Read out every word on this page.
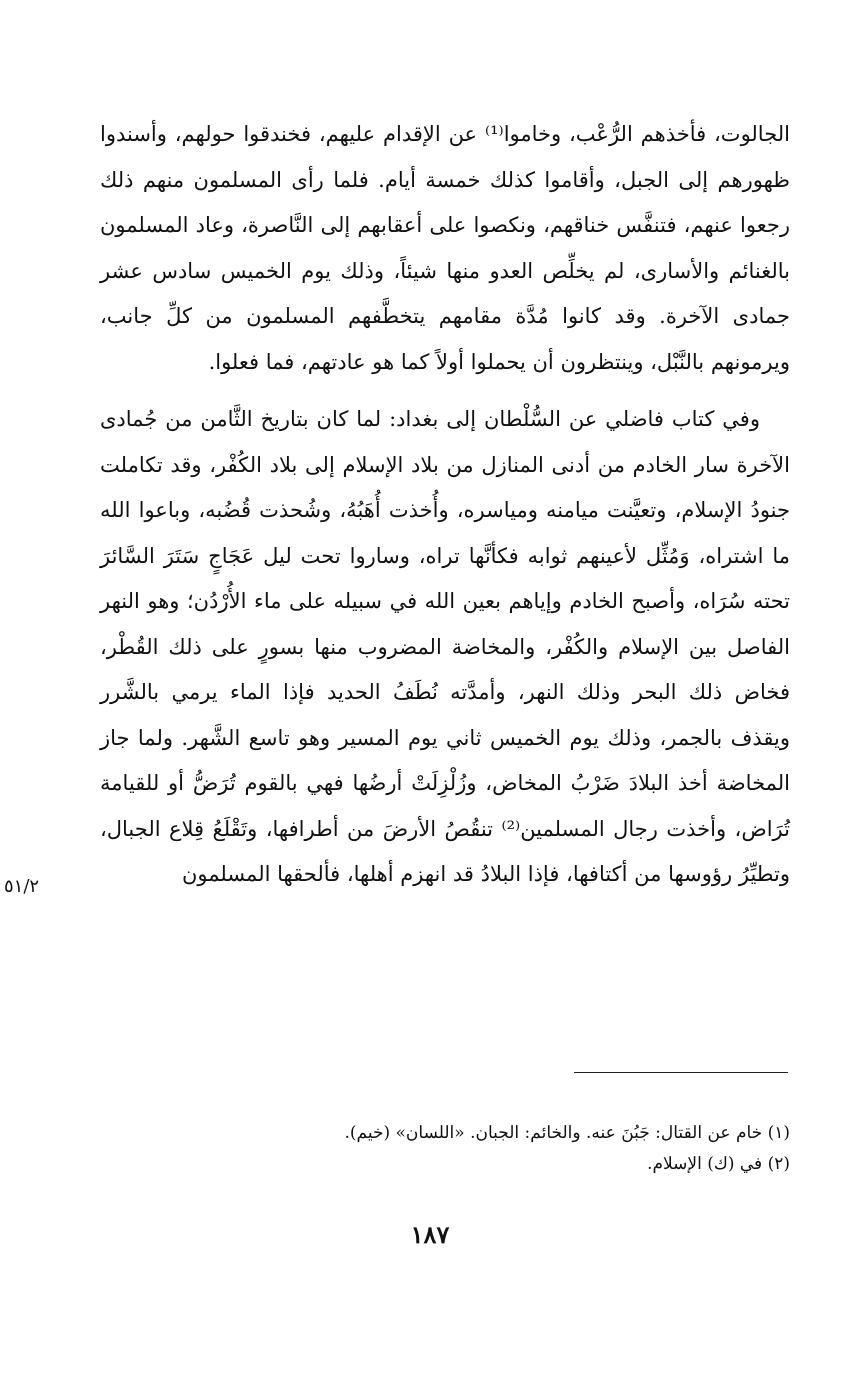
الجالوت، فأخذهم الرُّعْب، وخاموا⁽¹⁾ عن الإقدام عليهم، فخندقوا حولهم، وأسندوا ظهورهم إلى الجبل، وأقاموا كذلك خمسة أيام. فلما رأى المسلمون منهم ذلك رجعوا عنهم، فتنفَّس خناقهم، ونكصوا على أعقابهم إلى النَّاصرة، وعاد المسلمون بالغنائم والأسارى، لم يخلِّص العدو منها شيئاً، وذلك يوم الخميس سادس عشر جمادى الآخرة. وقد كانوا مُدَّة مقامهم يتخطَّفهم المسلمون من كلِّ جانب، ويرمونهم بالنَّبْل، وينتظرون أن يحملوا أولاً كما هو عادتهم، فما فعلوا.

وفي كتاب فاضلي عن السُّلْطان إلى بغداد: لما كان بتاريخ الثَّامن من جُمادى الآخرة سار الخادم من أدنى المنازل من بلاد الإسلام إلى بلاد الكُفْر، وقد تكاملت جنودُ الإسلام، وتعيَّنت ميامنه ومياسره، وأُخذت أُهَبُهُ، وشُحذت قُضُبه، وباعوا الله ما اشتراه، وَمُثِّل لأعينهم ثوابه فكأنَّها تراه، وساروا تحت ليل عَجَاجٍ سَتَرَ السَّائرَ تحته سُرَاه، وأصبح الخادم وإياهم بعين الله في سبيله على ماء الأُرْدُن؛ وهو النهر الفاصل بين الإسلام والكُفْر، والمخاضة المضروب منها بسورٍ على ذلك القُطْر، فخاض ذلك البحر وذلك النهر، وأمدَّته نُطَفُ الحديد فإذا الماء يرمي بالشَّرر ويقذف بالجمر، وذلك يوم الخميس ثاني يوم المسير وهو تاسع الشَّهر. ولما جاز المخاضة أخذ البلادَ ضَرْبُ المخاض، وزُلْزِلَتْ أرضُها فهي بالقوم تُرَضُّ أو للقيامة تُرَاض، وأخذت رجال المسلمين⁽²⁾ تنقُصُ الأرضَ من أطرافها، وتَقْلَعُ قِلاع الجبال، وتطيِّرُ رؤوسها من أكتافها، فإذا البلادُ قد انهزم أهلها، فألحقها المسلمون

٥١/٢

(١) خام عن القتال: جَبُنَ عنه. والخائم: الجبان. «اللسان» (خيم).

(٢) في (ك) الإسلام.

١٨٧
